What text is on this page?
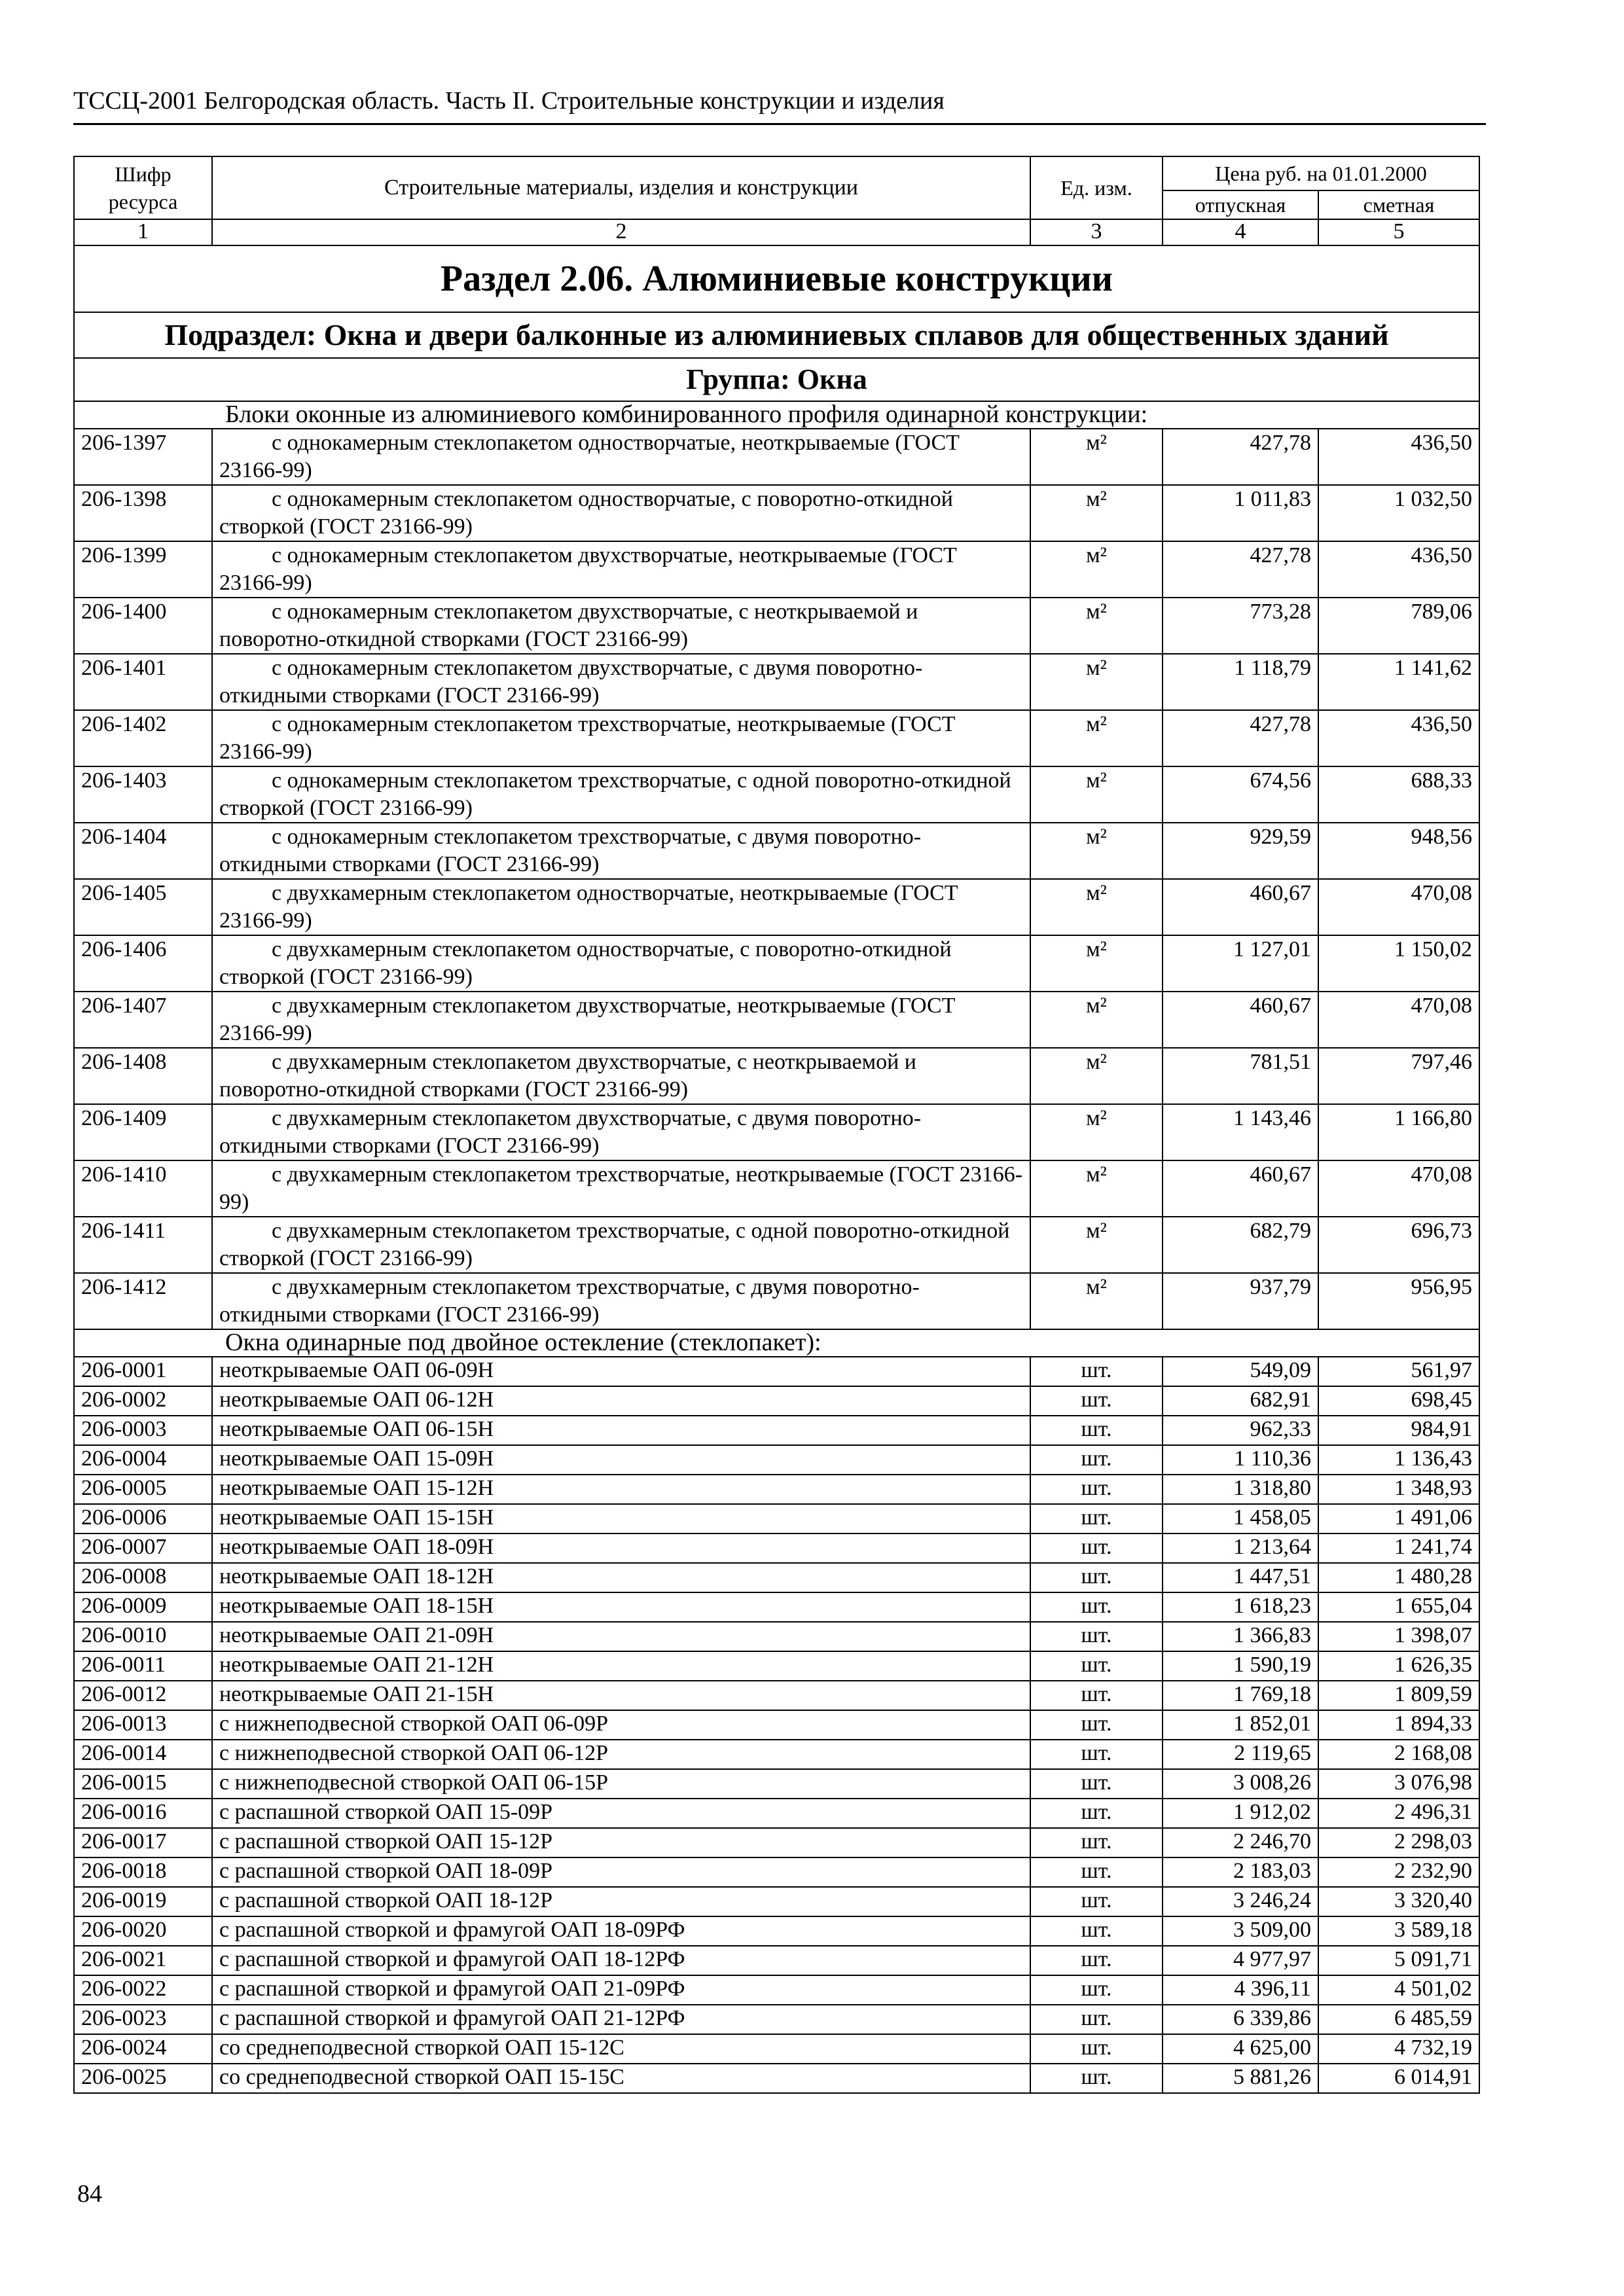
ТССЦ-2001 Белгородская область. Часть II. Строительные конструкции и изделия
Шифр ресурса	Строительные материалы, изделия и конструкции	Ед. изм.	Цена руб. на 01.01.2000	
			отпускная	сметная
1	2	3	4	5
Раздел 2.06. Алюминиевые конструкции				
Подраздел: Окна и двери балконные из алюминиевых сплавов для общественных зданий				
Группа: Окна				
Блоки оконные из алюминиевого комбинированного профиля одинарной конструкции:				
206-1397	с однокамерным стеклопакетом одностворчатые, неоткрываемые (ГОСТ 23166-99)	м²	427,78	436,50
206-1398	с однокамерным стеклопакетом одностворчатые, с поворотно-откидной створкой (ГОСТ 23166-99)	м²	1 011,83	1 032,50
206-1399	с однокамерным стеклопакетом двухстворчатые, неоткрываемые (ГОСТ 23166-99)	м²	427,78	436,50
206-1400	с однокамерным стеклопакетом двухстворчатые, с неоткрываемой и поворотно-откидной створками (ГОСТ 23166-99)	м²	773,28	789,06
206-1401	с однокамерным стеклопакетом двухстворчатые, с двумя поворотно-откидными створками (ГОСТ 23166-99)	м²	1 118,79	1 141,62
206-1402	с однокамерным стеклопакетом трехстворчатые, неоткрываемые (ГОСТ 23166-99)	м²	427,78	436,50
206-1403	с однокамерным стеклопакетом трехстворчатые, с одной поворотно-откидной створкой (ГОСТ 23166-99)	м²	674,56	688,33
206-1404	с однокамерным стеклопакетом трехстворчатые, с двумя поворотно-откидными створками (ГОСТ 23166-99)	м²	929,59	948,56
206-1405	с двухкамерным стеклопакетом одностворчатые, неоткрываемые (ГОСТ 23166-99)	м²	460,67	470,08
206-1406	с двухкамерным стеклопакетом одностворчатые, с поворотно-откидной створкой (ГОСТ 23166-99)	м²	1 127,01	1 150,02
206-1407	с двухкамерным стеклопакетом двухстворчатые, неоткрываемые (ГОСТ 23166-99)	м²	460,67	470,08
206-1408	с двухкамерным стеклопакетом двухстворчатые, с неоткрываемой и поворотно-откидной створками (ГОСТ 23166-99)	м²	781,51	797,46
206-1409	с двухкамерным стеклопакетом двухстворчатые, с двумя поворотно-откидными створками (ГОСТ 23166-99)	м²	1 143,46	1 166,80
206-1410	с двухкамерным стеклопакетом трехстворчатые, неоткрываемые (ГОСТ 23166-99)	м²	460,67	470,08
206-1411	с двухкамерным стеклопакетом трехстворчатые, с одной поворотно-откидной створкой (ГОСТ 23166-99)	м²	682,79	696,73
206-1412	с двухкамерным стеклопакетом трехстворчатые, с двумя поворотно-откидными створками (ГОСТ 23166-99)	м²	937,79	956,95
Окна одинарные под двойное остекление (стеклопакет):				
206-0001	неоткрываемые ОАП 06-09Н	шт.	549,09	561,97
206-0002	неоткрываемые ОАП 06-12Н	шт.	682,91	698,45
206-0003	неоткрываемые ОАП 06-15Н	шт.	962,33	984,91
206-0004	неоткрываемые ОАП 15-09Н	шт.	1 110,36	1 136,43
206-0005	неоткрываемые ОАП 15-12Н	шт.	1 318,80	1 348,93
206-0006	неоткрываемые ОАП 15-15Н	шт.	1 458,05	1 491,06
206-0007	неоткрываемые ОАП 18-09Н	шт.	1 213,64	1 241,74
206-0008	неоткрываемые ОАП 18-12Н	шт.	1 447,51	1 480,28
206-0009	неоткрываемые ОАП 18-15Н	шт.	1 618,23	1 655,04
206-0010	неоткрываемые ОАП 21-09Н	шт.	1 366,83	1 398,07
206-0011	неоткрываемые ОАП 21-12Н	шт.	1 590,19	1 626,35
206-0012	неоткрываемые ОАП 21-15Н	шт.	1 769,18	1 809,59
206-0013	с нижнеподвесной створкой ОАП 06-09Р	шт.	1 852,01	1 894,33
206-0014	с нижнеподвесной створкой ОАП 06-12Р	шт.	2 119,65	2 168,08
206-0015	с нижнеподвесной створкой ОАП 06-15Р	шт.	3 008,26	3 076,98
206-0016	с распашной створкой ОАП 15-09Р	шт.	1 912,02	2 496,31
206-0017	с распашной створкой ОАП 15-12Р	шт.	2 246,70	2 298,03
206-0018	с распашной створкой ОАП 18-09Р	шт.	2 183,03	2 232,90
206-0019	с распашной створкой ОАП 18-12Р	шт.	3 246,24	3 320,40
206-0020	с распашной створкой и фрамугой ОАП 18-09РФ	шт.	3 509,00	3 589,18
206-0021	с распашной створкой и фрамугой ОАП 18-12РФ	шт.	4 977,97	5 091,71
206-0022	с распашной створкой и фрамугой ОАП 21-09РФ	шт.	4 396,11	4 501,02
206-0023	с распашной створкой и фрамугой ОАП 21-12РФ	шт.	6 339,86	6 485,59
206-0024	со среднеподвесной створкой ОАП 15-12С	шт.	4 625,00	4 732,19
206-0025	со среднеподвесной створкой ОАП 15-15С	шт.	5 881,26	6 014,91
84
